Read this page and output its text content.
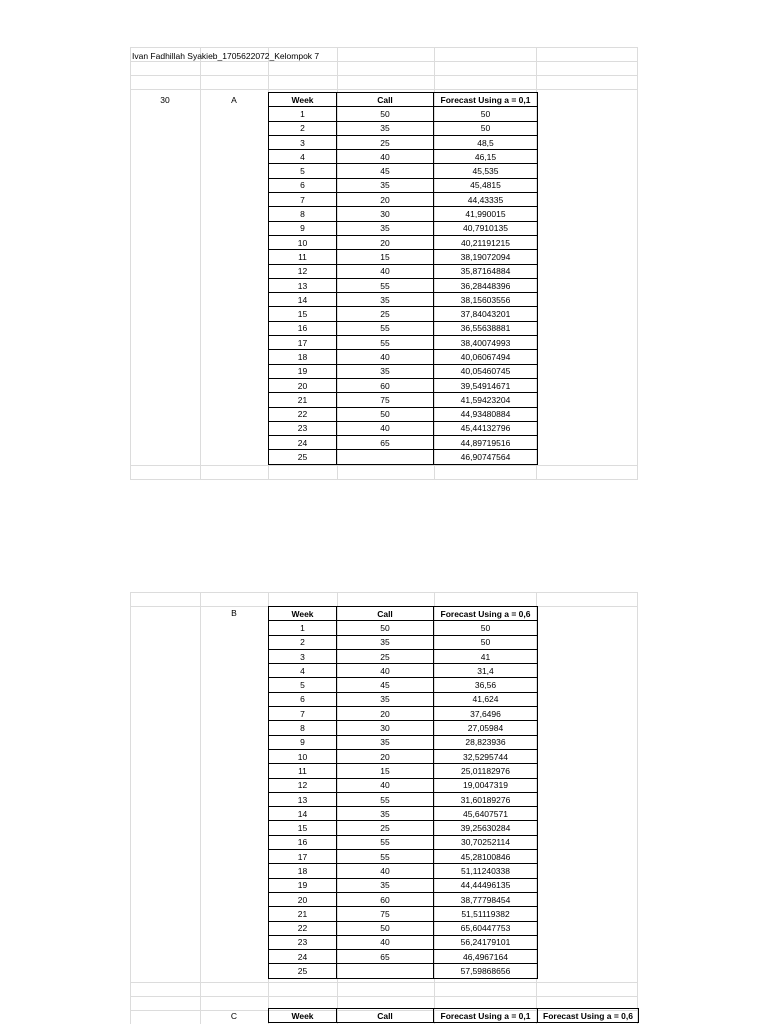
Ivan Fadhillah Syakieb_1705622072_Kelompok 7
30	A	Week	Call	Forecast Using a = 0,1
1	50	50
2	35	50
3	25	48,5
4	40	46,15
5	45	45,535
6	35	45,4815
7	20	44,43335
8	30	41,990015
9	35	40,7910135
10	20	40,21191215
11	15	38,19072094
12	40	35,87164884
13	55	36,28448396
14	35	38,15603556
15	25	37,84043201
16	55	36,55638881
17	55	38,40074993
18	40	40,06067494
19	35	40,05460745
20	60	39,54914671
21	75	41,59423204
22	50	44,93480884
23	40	45,44132796
24	65	44,89719516
25		46,90747564
B
C
Week	Call	Forecast Using a = 0,6
1	50	50
2	35	50
3	25	41
4	40	31,4
5	45	36,56
6	35	41,624
7	20	37,6496
8	30	27,05984
9	35	28,823936
10	20	32,5295744
11	15	25,01182976
12	40	19,0047319
13	55	31,60189276
14	35	45,6407571
15	25	39,25630284
16	55	30,70252114
17	55	45,28100846
18	40	51,11240338
19	35	44,44496135
20	60	38,77798454
21	75	51,51119382
22	50	65,60447753
23	40	56,24179101
24	65	46,4967164
25		57,59868656
Week	Call	Forecast Using a = 0,1	Forecast Using a = 0,6
